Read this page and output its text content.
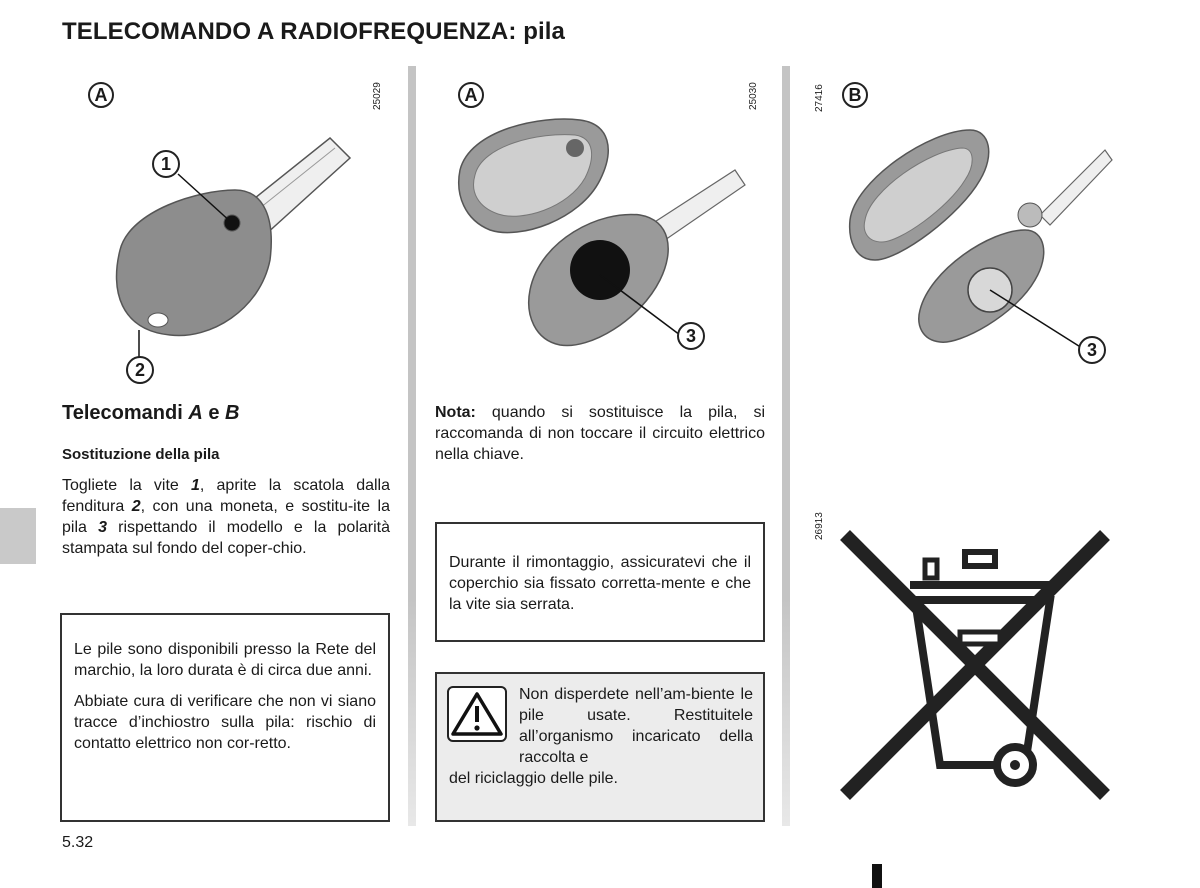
TELECOMANDO A RADIOFREQUENZA: pila
A	25029
1
2
A	25030
3
27416	B
3
26913
Telecomandi A e B
Sostituzione della pila
Togliete la vite 1, aprite la scatola dalla fenditura 2, con una moneta, e sostitu-ite la pila 3 rispettando il modello e la polarità stampata sul fondo del coper-chio.

Le pile sono disponibili presso la Rete del marchio, la loro durata è di circa due anni.

Abbiate cura di verificare che non vi siano tracce d’inchiostro sulla pila: rischio di contatto elettrico non cor-retto.

5.32
Nota: quando si sostituisce la pila, si raccomanda di non toccare il circuito elettrico nella chiave.

Durante il rimontaggio, assicuratevi che il coperchio sia fissato corretta-mente e che la vite sia serrata.

Non disperdete nell’am-biente le pile usate. Restituitele all’organismo incaricato della raccolta e

del riciclaggio delle pile.
